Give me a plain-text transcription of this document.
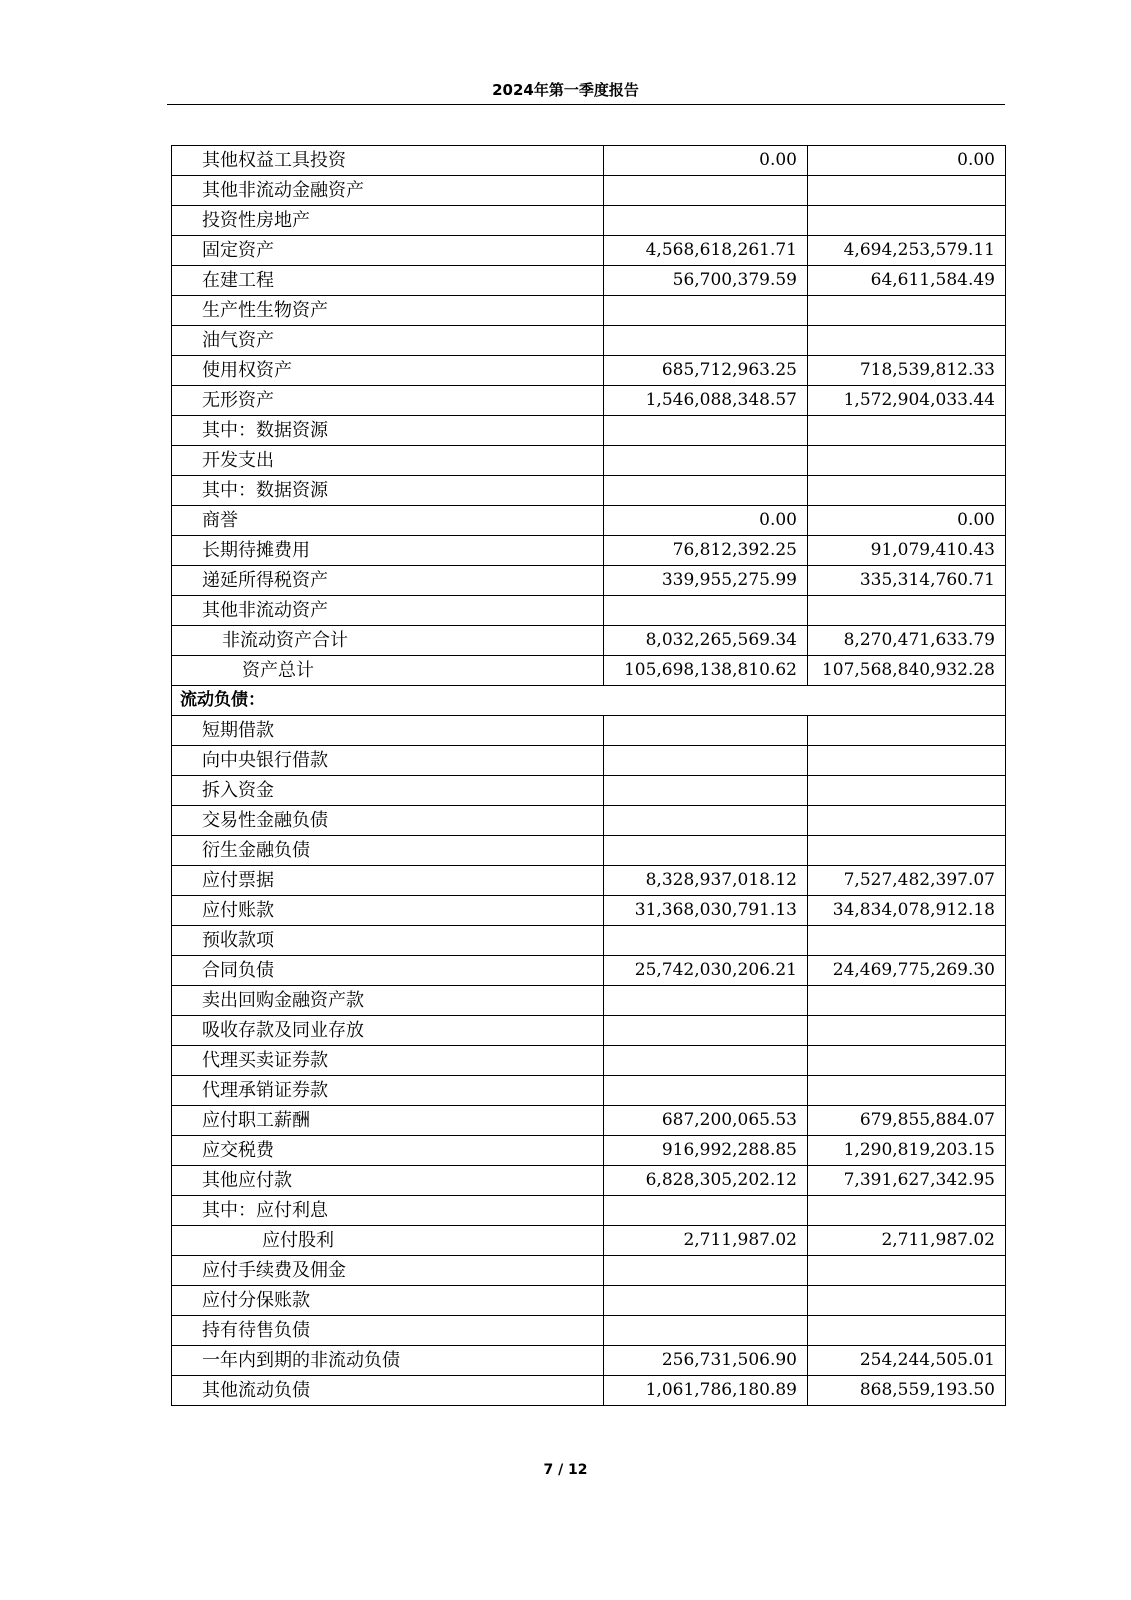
2024年第一季度报告
其他权益工具投资	0.00	0.00
其他非流动金融资产		
投资性房地产		
固定资产	4,568,618,261.71	4,694,253,579.11
在建工程	56,700,379.59	64,611,584.49
生产性生物资产		
油气资产		
使用权资产	685,712,963.25	718,539,812.33
无形资产	1,546,088,348.57	1,572,904,033.44
其中：数据资源		
开发支出		
其中：数据资源		
商誉	0.00	0.00
长期待摊费用	76,812,392.25	91,079,410.43
递延所得税资产	339,955,275.99	335,314,760.71
其他非流动资产		
非流动资产合计	8,032,265,569.34	8,270,471,633.79
资产总计	105,698,138,810.62	107,568,840,932.28
流动负债：		
短期借款		
向中央银行借款		
拆入资金		
交易性金融负债		
衍生金融负债		
应付票据	8,328,937,018.12	7,527,482,397.07
应付账款	31,368,030,791.13	34,834,078,912.18
预收款项		
合同负债	25,742,030,206.21	24,469,775,269.30
卖出回购金融资产款		
吸收存款及同业存放		
代理买卖证券款		
代理承销证券款		
应付职工薪酬	687,200,065.53	679,855,884.07
应交税费	916,992,288.85	1,290,819,203.15
其他应付款	6,828,305,202.12	7,391,627,342.95
其中：应付利息		
应付股利	2,711,987.02	2,711,987.02
应付手续费及佣金		
应付分保账款		
持有待售负债		
一年内到期的非流动负债	256,731,506.90	254,244,505.01
其他流动负债	1,061,786,180.89	868,559,193.50
7 / 12
